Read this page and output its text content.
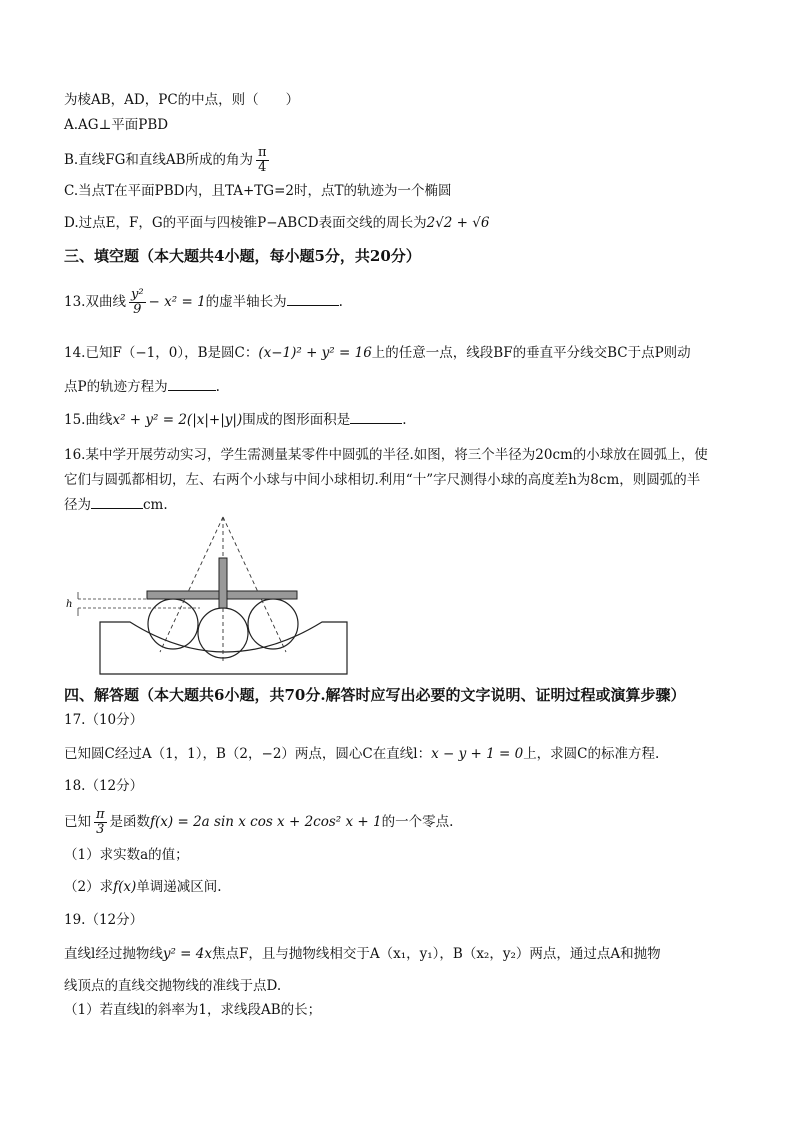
为棱AB，AD，PC的中点，则（　　）
A.AG⊥平面PBD
B.直线FG和直线AB所成的角为 $\frac{\pi}{4}$
C.当点T在平面PBD内，且TA+TG=2时，点T的轨迹为一个椭圆
D.过点E，F，G的平面与四棱锥P−ABCD表面交线的周长为2√2 + √6
三、填空题（本大题共4小题，每小题5分，共20分）
13.双曲线 $\frac{\text{y²}}{9} - x^2 = 1$的虚半轴长为	.
14.已知F（−1，0），B是圆C：(x−1)² + y² = 16上的任意一点，线段BF的垂直平分线交BC于点P则动
点P的轨迹方程为	.
15.曲线x² + y² = 2(|x|+|y|)围成的图形面积是	.
16.某中学开展劳动实习，学生需测量某零件中圆弧的半径.如图，将三个半径为20cm的小球放在圆弧上，使
它们与圆弧都相切，左、右两个小球与中间小球相切.利用“十”字尺测得小球的高度差h为8cm，则圆弧的半
径为	cm.
h
四、解答题（本大题共6小题，共70分.解答时应写出必要的文字说明、证明过程或演算步骤）
17.（10分）
已知圆C经过A（1，1），B（2，−2）两点，圆心C在直线l：x − y + 1 = 0上，求圆C的标准方程.
18.（12分）
已知 $\frac{\pi}{3}$ 是函数f(x) = 2a sin x cos x + 2cos² x + 1的一个零点.
（1）求实数a的值；
（2）求f(x)单调递减区间.
19.（12分）
直线l经过抛物线y² = 4x焦点F，且与抛物线相交于A（x₁，y₁），B（x₂，y₂）两点，通过点A和抛物
线顶点的直线交抛物线的准线于点D.
（1）若直线l的斜率为1，求线段AB的长；
